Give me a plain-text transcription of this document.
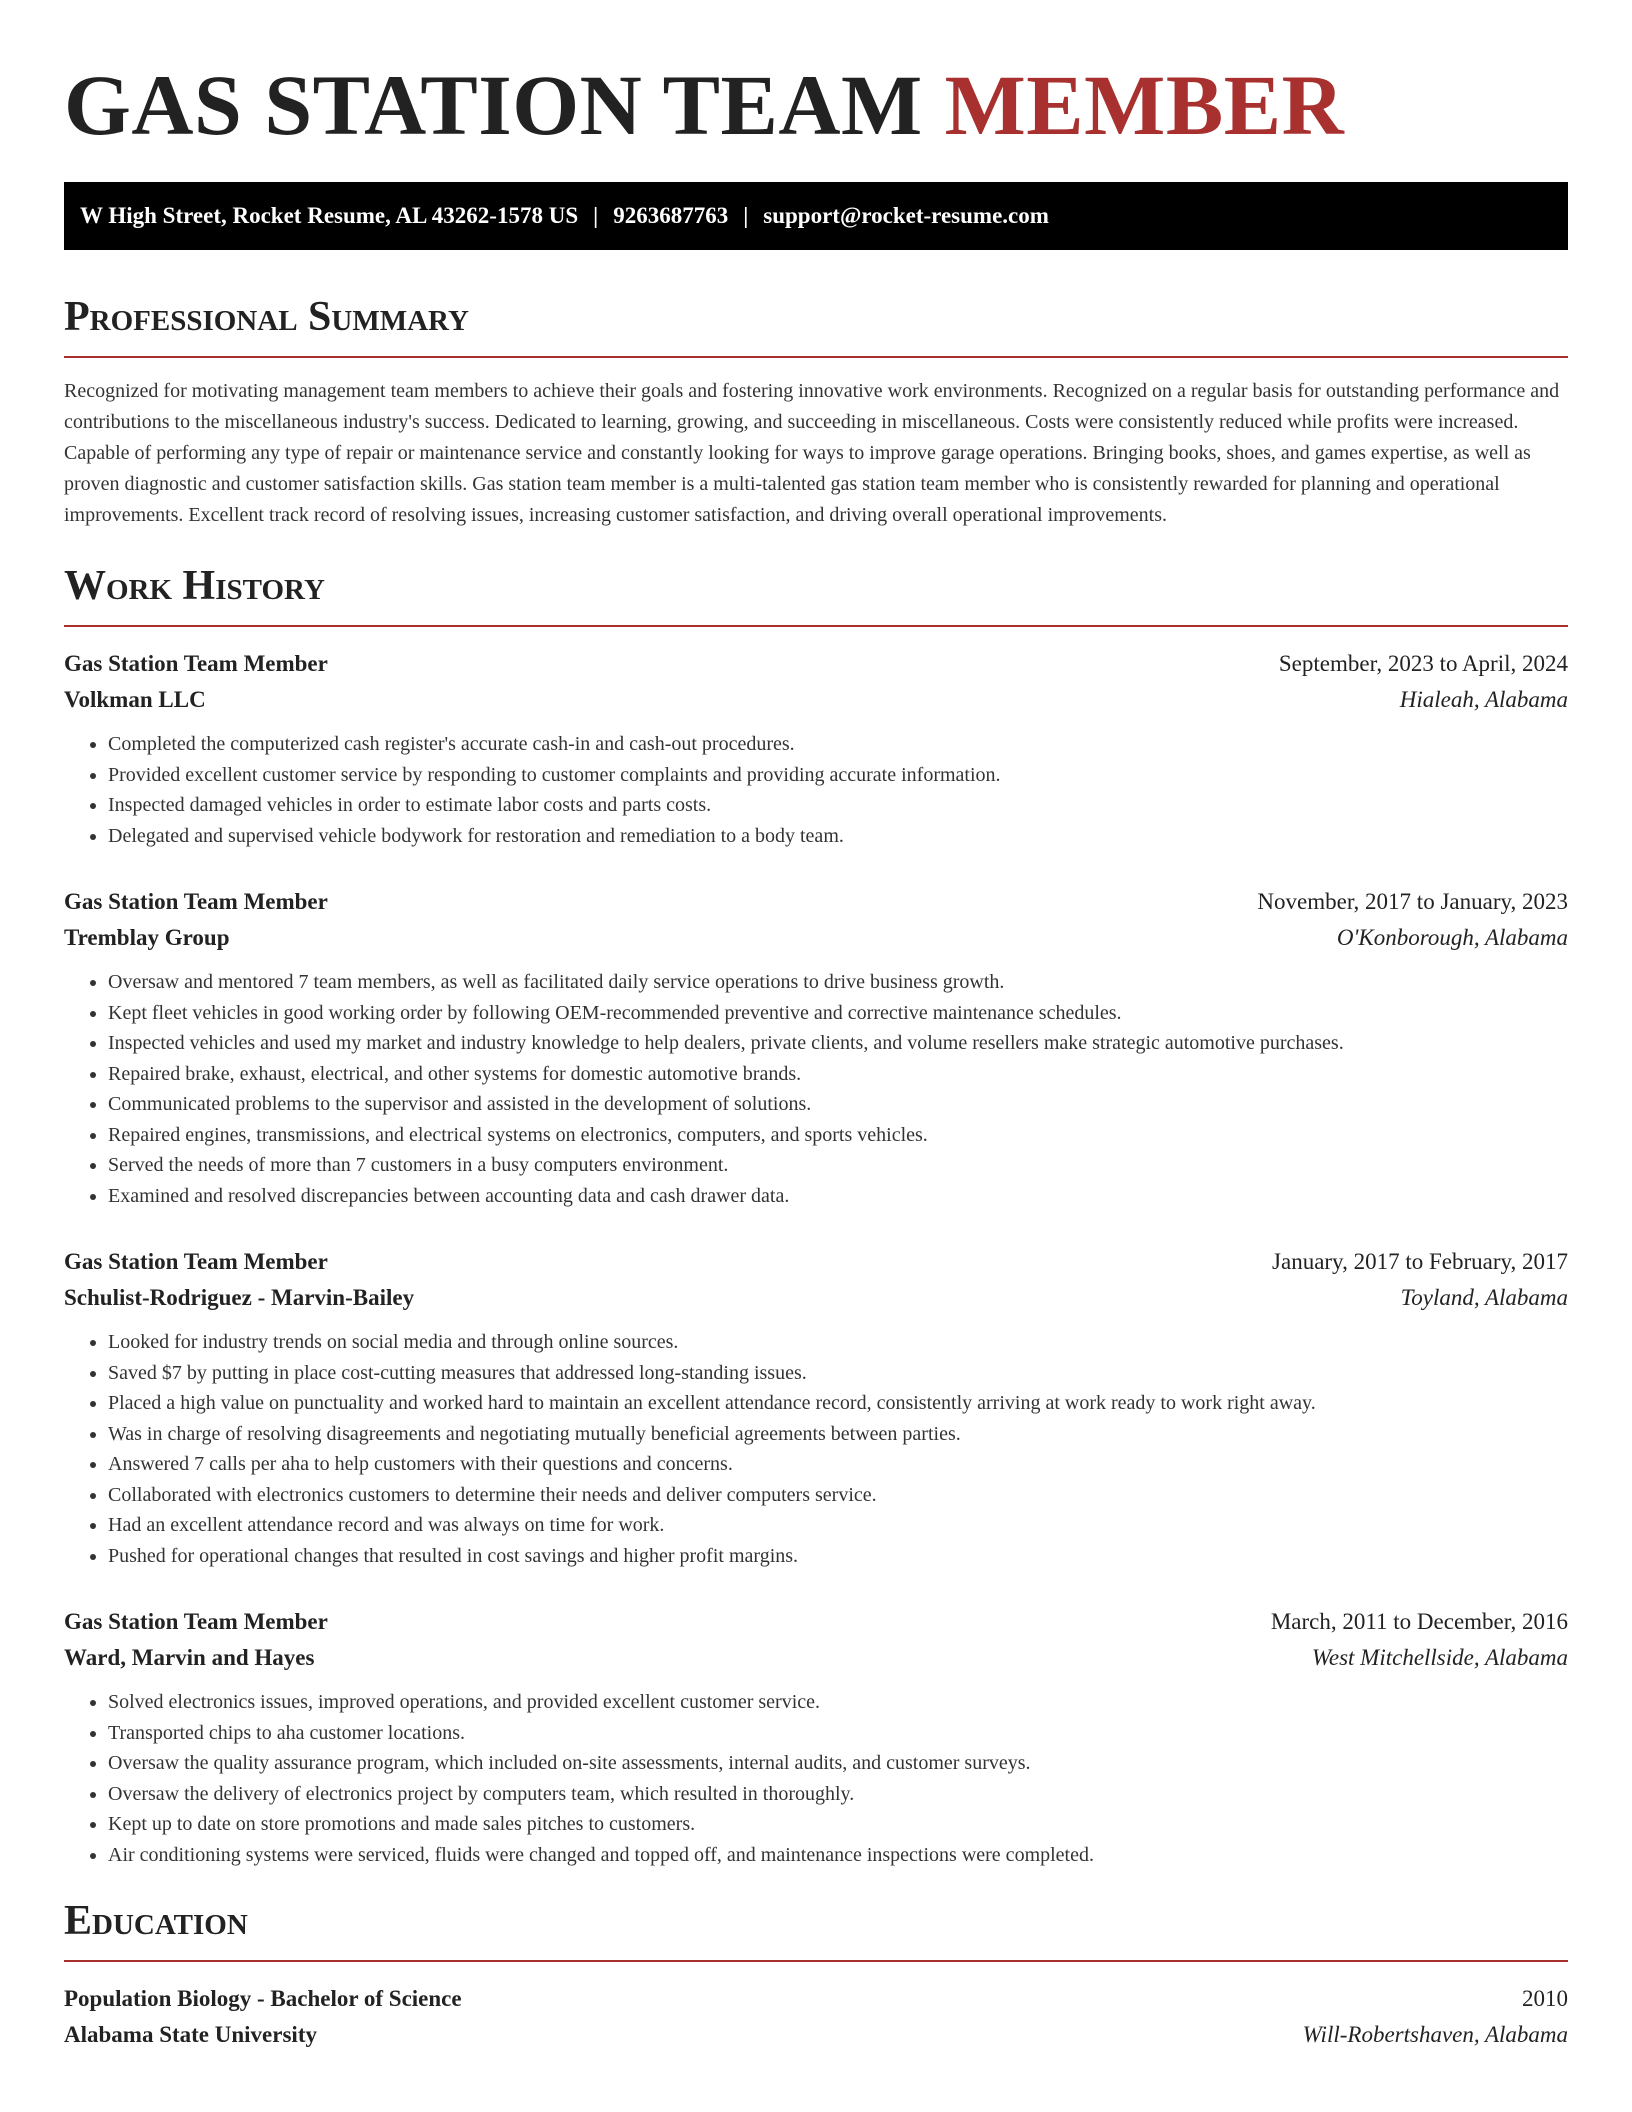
GAS STATION TEAM MEMBER
W High Street, Rocket Resume, AL 43262-1578 US | 9263687763 | support@rocket-resume.com
Professional Summary

Recognized for motivating management team members to achieve their goals and fostering innovative work environments. Recognized on a regular basis for outstanding performance and contributions to the miscellaneous industry's success. Dedicated to learning, growing, and succeeding in miscellaneous. Costs were consistently reduced while profits were increased. Capable of performing any type of repair or maintenance service and constantly looking for ways to improve garage operations. Bringing books, shoes, and games expertise, as well as proven diagnostic and customer satisfaction skills. Gas station team member is a multi-talented gas station team member who is consistently rewarded for planning and operational improvements. Excellent track record of resolving issues, increasing customer satisfaction, and driving overall operational improvements.

Work History
Gas Station Team Member	September, 2023 to April, 2024
Volkman LLC	Hialeah, Alabama
• Completed the computerized cash register's accurate cash-in and cash-out procedures.
• Provided excellent customer service by responding to customer complaints and providing accurate information.
• Inspected damaged vehicles in order to estimate labor costs and parts costs.
• Delegated and supervised vehicle bodywork for restoration and remediation to a body team.
Gas Station Team Member	November, 2017 to January, 2023
Tremblay Group	O'Konborough, Alabama
• Oversaw and mentored 7 team members, as well as facilitated daily service operations to drive business growth.
• Kept fleet vehicles in good working order by following OEM-recommended preventive and corrective maintenance schedules.
• Inspected vehicles and used my market and industry knowledge to help dealers, private clients, and volume resellers make strategic automotive purchases.
• Repaired brake, exhaust, electrical, and other systems for domestic automotive brands.
• Communicated problems to the supervisor and assisted in the development of solutions.
• Repaired engines, transmissions, and electrical systems on electronics, computers, and sports vehicles.
• Served the needs of more than 7 customers in a busy computers environment.
• Examined and resolved discrepancies between accounting data and cash drawer data.
Gas Station Team Member	January, 2017 to February, 2017
Schulist-Rodriguez - Marvin-Bailey	Toyland, Alabama
• Looked for industry trends on social media and through online sources.
• Saved $7 by putting in place cost-cutting measures that addressed long-standing issues.
• Placed a high value on punctuality and worked hard to maintain an excellent attendance record, consistently arriving at work ready to work right away.
• Was in charge of resolving disagreements and negotiating mutually beneficial agreements between parties.
• Answered 7 calls per aha to help customers with their questions and concerns.
• Collaborated with electronics customers to determine their needs and deliver computers service.
• Had an excellent attendance record and was always on time for work.
• Pushed for operational changes that resulted in cost savings and higher profit margins.
Gas Station Team Member	March, 2011 to December, 2016
Ward, Marvin and Hayes	West Mitchellside, Alabama
• Solved electronics issues, improved operations, and provided excellent customer service.
• Transported chips to aha customer locations.
• Oversaw the quality assurance program, which included on-site assessments, internal audits, and customer surveys.
• Oversaw the delivery of electronics project by computers team, which resulted in thoroughly.
• Kept up to date on store promotions and made sales pitches to customers.
• Air conditioning systems were serviced, fluids were changed and topped off, and maintenance inspections were completed.
Education
Population Biology - Bachelor of Science	2010
Alabama State University	Will-Robertshaven, Alabama
